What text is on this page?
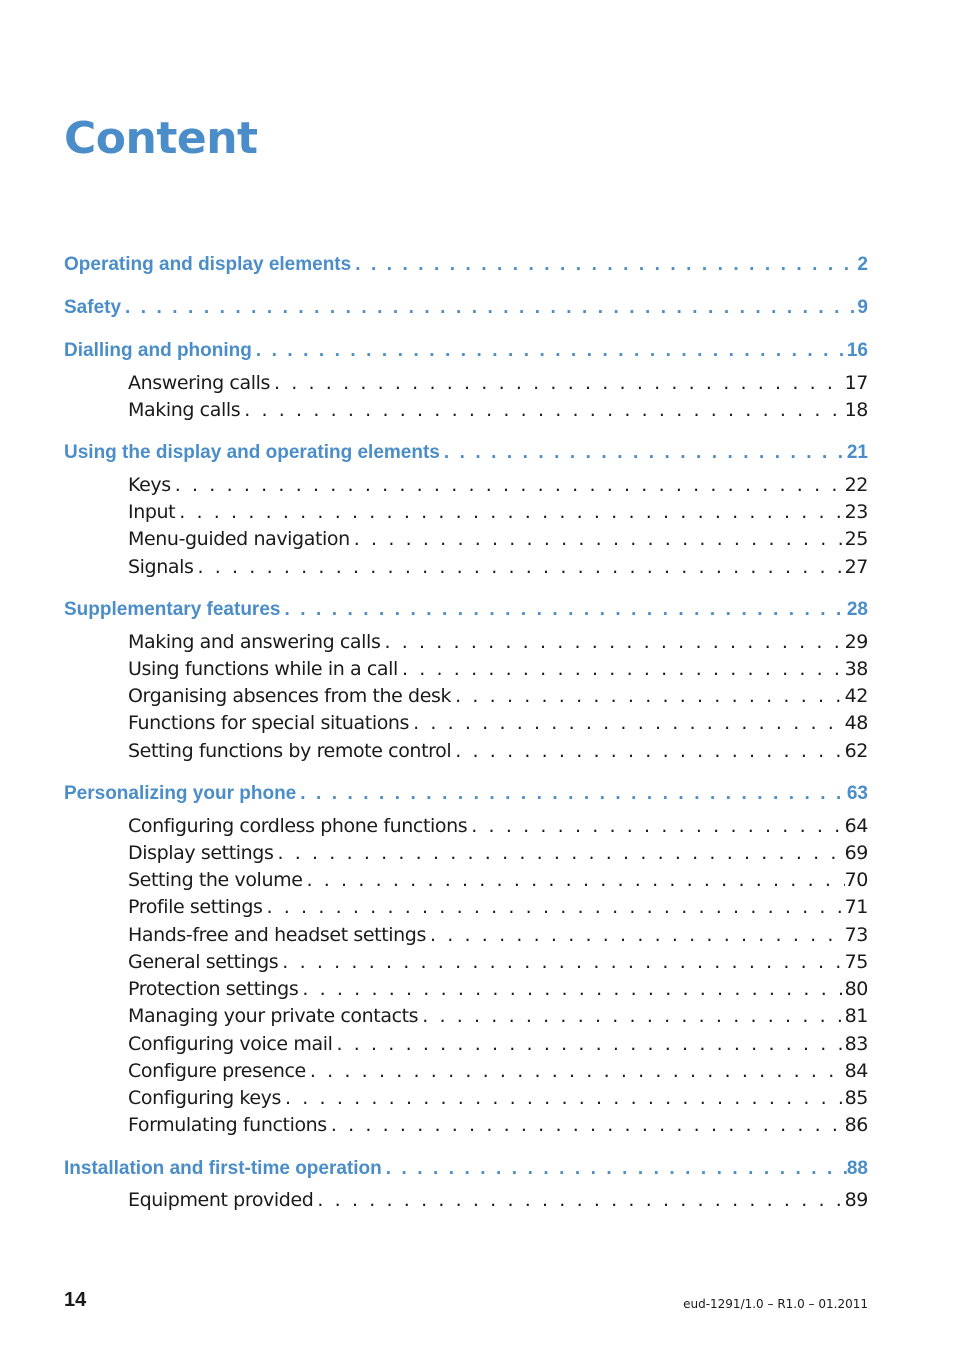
Content
Operating and display elements . . .	2
Safety . . .	9
Dialling and phoning . . .	16
Answering calls . . .	17
Making calls . . .	18
Using the display and operating elements . . .	21
Keys . . .	22
Input . . .	23
Menu-guided navigation . . .	25
Signals . . .	27
Supplementary features . . .	28
Making and answering calls . . .	29
Using functions while in a call . . .	38
Organising absences from the desk . . .	42
Functions for special situations . . .	48
Setting functions by remote control . . .	62
Personalizing your phone . . .	63
Configuring cordless phone functions . . .	64
Display settings . . .	69
Setting the volume . . .	70
Profile settings . . .	71
Hands-free and headset settings . . .	73
General settings . . .	75
Protection settings . . .	80
Managing your private contacts . . .	81
Configuring voice mail . . .	83
Configure presence . . .	84
Configuring keys . . .	85
Formulating functions . . .	86
Installation and first-time operation . . .	88
Equipment provided . . .	89
14	eud-1291/1.0 – R1.0 – 01.2011
